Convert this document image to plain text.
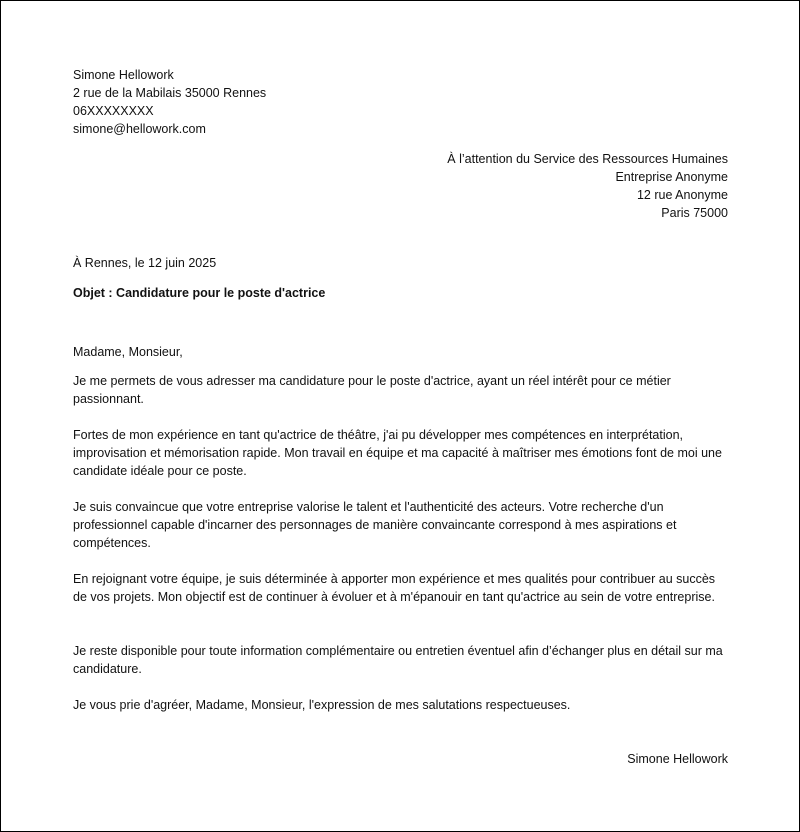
Simone Hellowork
2 rue de la Mabilais 35000 Rennes
06XXXXXXXX
simone@hellowork.com
À l’attention du Service des Ressources Humaines
Entreprise Anonyme
12 rue Anonyme
Paris 75000
À Rennes, le 12 juin 2025
Objet : Candidature pour le poste d'actrice
Madame, Monsieur,
Je me permets de vous adresser ma candidature pour le poste d'actrice, ayant un réel intérêt pour ce métier passionnant.
Fortes de mon expérience en tant qu'actrice de théâtre, j'ai pu développer mes compétences en interprétation, improvisation et mémorisation rapide. Mon travail en équipe et ma capacité à maîtriser mes émotions font de moi une candidate idéale pour ce poste.
Je suis convaincue que votre entreprise valorise le talent et l'authenticité des acteurs. Votre recherche d'un professionnel capable d'incarner des personnages de manière convaincante correspond à mes aspirations et compétences.
En rejoignant votre équipe, je suis déterminée à apporter mon expérience et mes qualités pour contribuer au succès de vos projets. Mon objectif est de continuer à évoluer et à m'épanouir en tant qu'actrice au sein de votre entreprise.
Je reste disponible pour toute information complémentaire ou entretien éventuel afin d’échanger plus en détail sur ma candidature.
Je vous prie d'agréer, Madame, Monsieur, l'expression de mes salutations respectueuses.
Simone Hellowork
